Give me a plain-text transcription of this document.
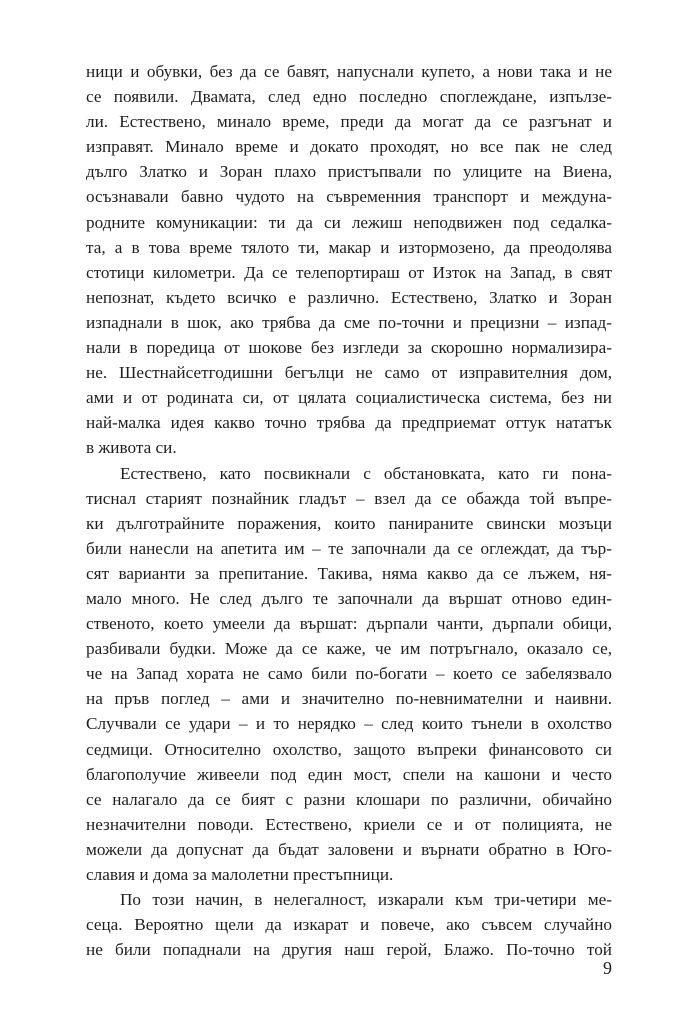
ници и обувки, без да се бавят, напуснали купето, а нови така и не
се появили. Двамата, след едно последно споглеждане, изпълзе-
ли. Естествено, минало време, преди да могат да се разгънат и
изправят. Минало време и докато проходят, но все пак не след
дълго Златко и Зоран плахо пристъпвали по улиците на Виена,
осъзнавали бавно чудото на съвременния транспорт и междуна-
родните комуникации: ти да си лежиш неподвижен под седалка-
та, а в това време тялото ти, макар и изтормозено, да преодолява
стотици километри. Да се телепортираш от Изток на Запад, в свят
непознат, където всичко е различно. Естествено, Златко и Зоран
изпаднали в шок, ако трябва да сме по-точни и прецизни – изпад-
нали в поредица от шокове без изгледи за скорошно нормализира-
не. Шестнайсетгодишни бегълци не само от изправителния дом,
ами и от родината си, от цялата социалистическа система, без ни
най-малка идея какво точно трябва да предприемат оттук нататък
в живота си.
Естествено, като посвикнали с обстановката, като ги пона-
тиснал старият познайник гладът – взел да се обажда той въпре-
ки дълготрайните поражения, които панираните свински мозъци
били нанесли на апетита им – те започнали да се оглеждат, да тър-
сят варианти за препитание. Такива, няма какво да се лъжем, ня-
мало много. Не след дълго те започнали да вършат отново един-
ственото, което умеели да вършат: дърпали чанти, дърпали обици,
разбивали будки. Може да се каже, че им потръгнало, оказало се,
че на Запад хората не само били по-богати – което се забелязвало
на пръв поглед – ами и значително по-невнимателни и наивни.
Случвали се удари – и то нерядко – след които тънели в охолство
седмици. Относително охолство, защото въпреки финансовото си
благополучие живеели под един мост, спели на кашони и често
се налагало да се бият с разни клошари по различни, обичайно
незначителни поводи. Естествено, криели се и от полицията, не
можели да допуснат да бъдат заловени и върнати обратно в Юго-
славия и дома за малолетни престъпници.
По този начин, в нелегалност, изкарали към три-четири ме-
сеца. Вероятно щели да изкарат и повече, ако съвсем случайно
не били попаднали на другия наш герой, Блажо. По-точно той
9
